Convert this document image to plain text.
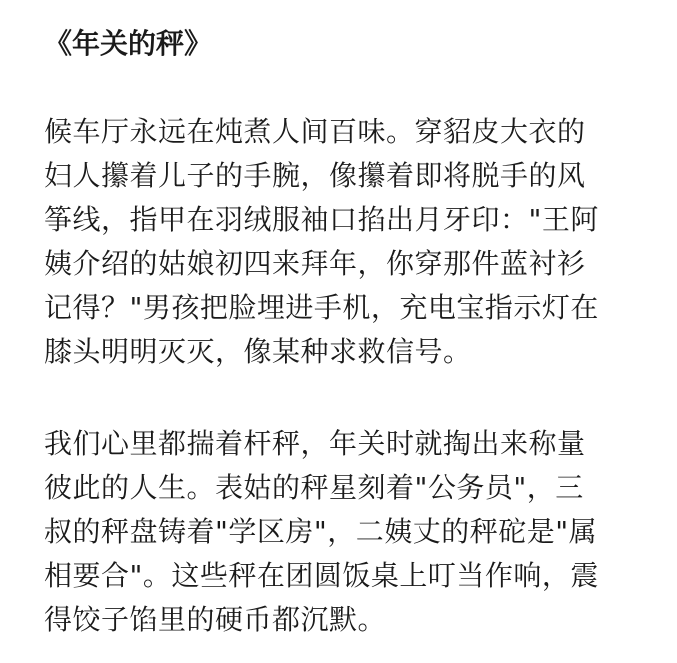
《年关的秤》

候车厅永远在炖煮人间百味。穿貂皮大衣的
妇人攥着儿子的手腕，像攥着即将脱手的风
筝线，指甲在羽绒服袖口掐出月牙印："王阿
姨介绍的姑娘初四来拜年，你穿那件蓝衬衫
记得？"男孩把脸埋进手机，充电宝指示灯在
膝头明明灭灭，像某种求救信号。

我们心里都揣着杆秤，年关时就掏出来称量
彼此的人生。表姑的秤星刻着"公务员"，三
叔的秤盘铸着"学区房"，二姨丈的秤砣是"属
相要合"。这些秤在团圆饭桌上叮当作响，震
得饺子馅里的硬币都沉默。
